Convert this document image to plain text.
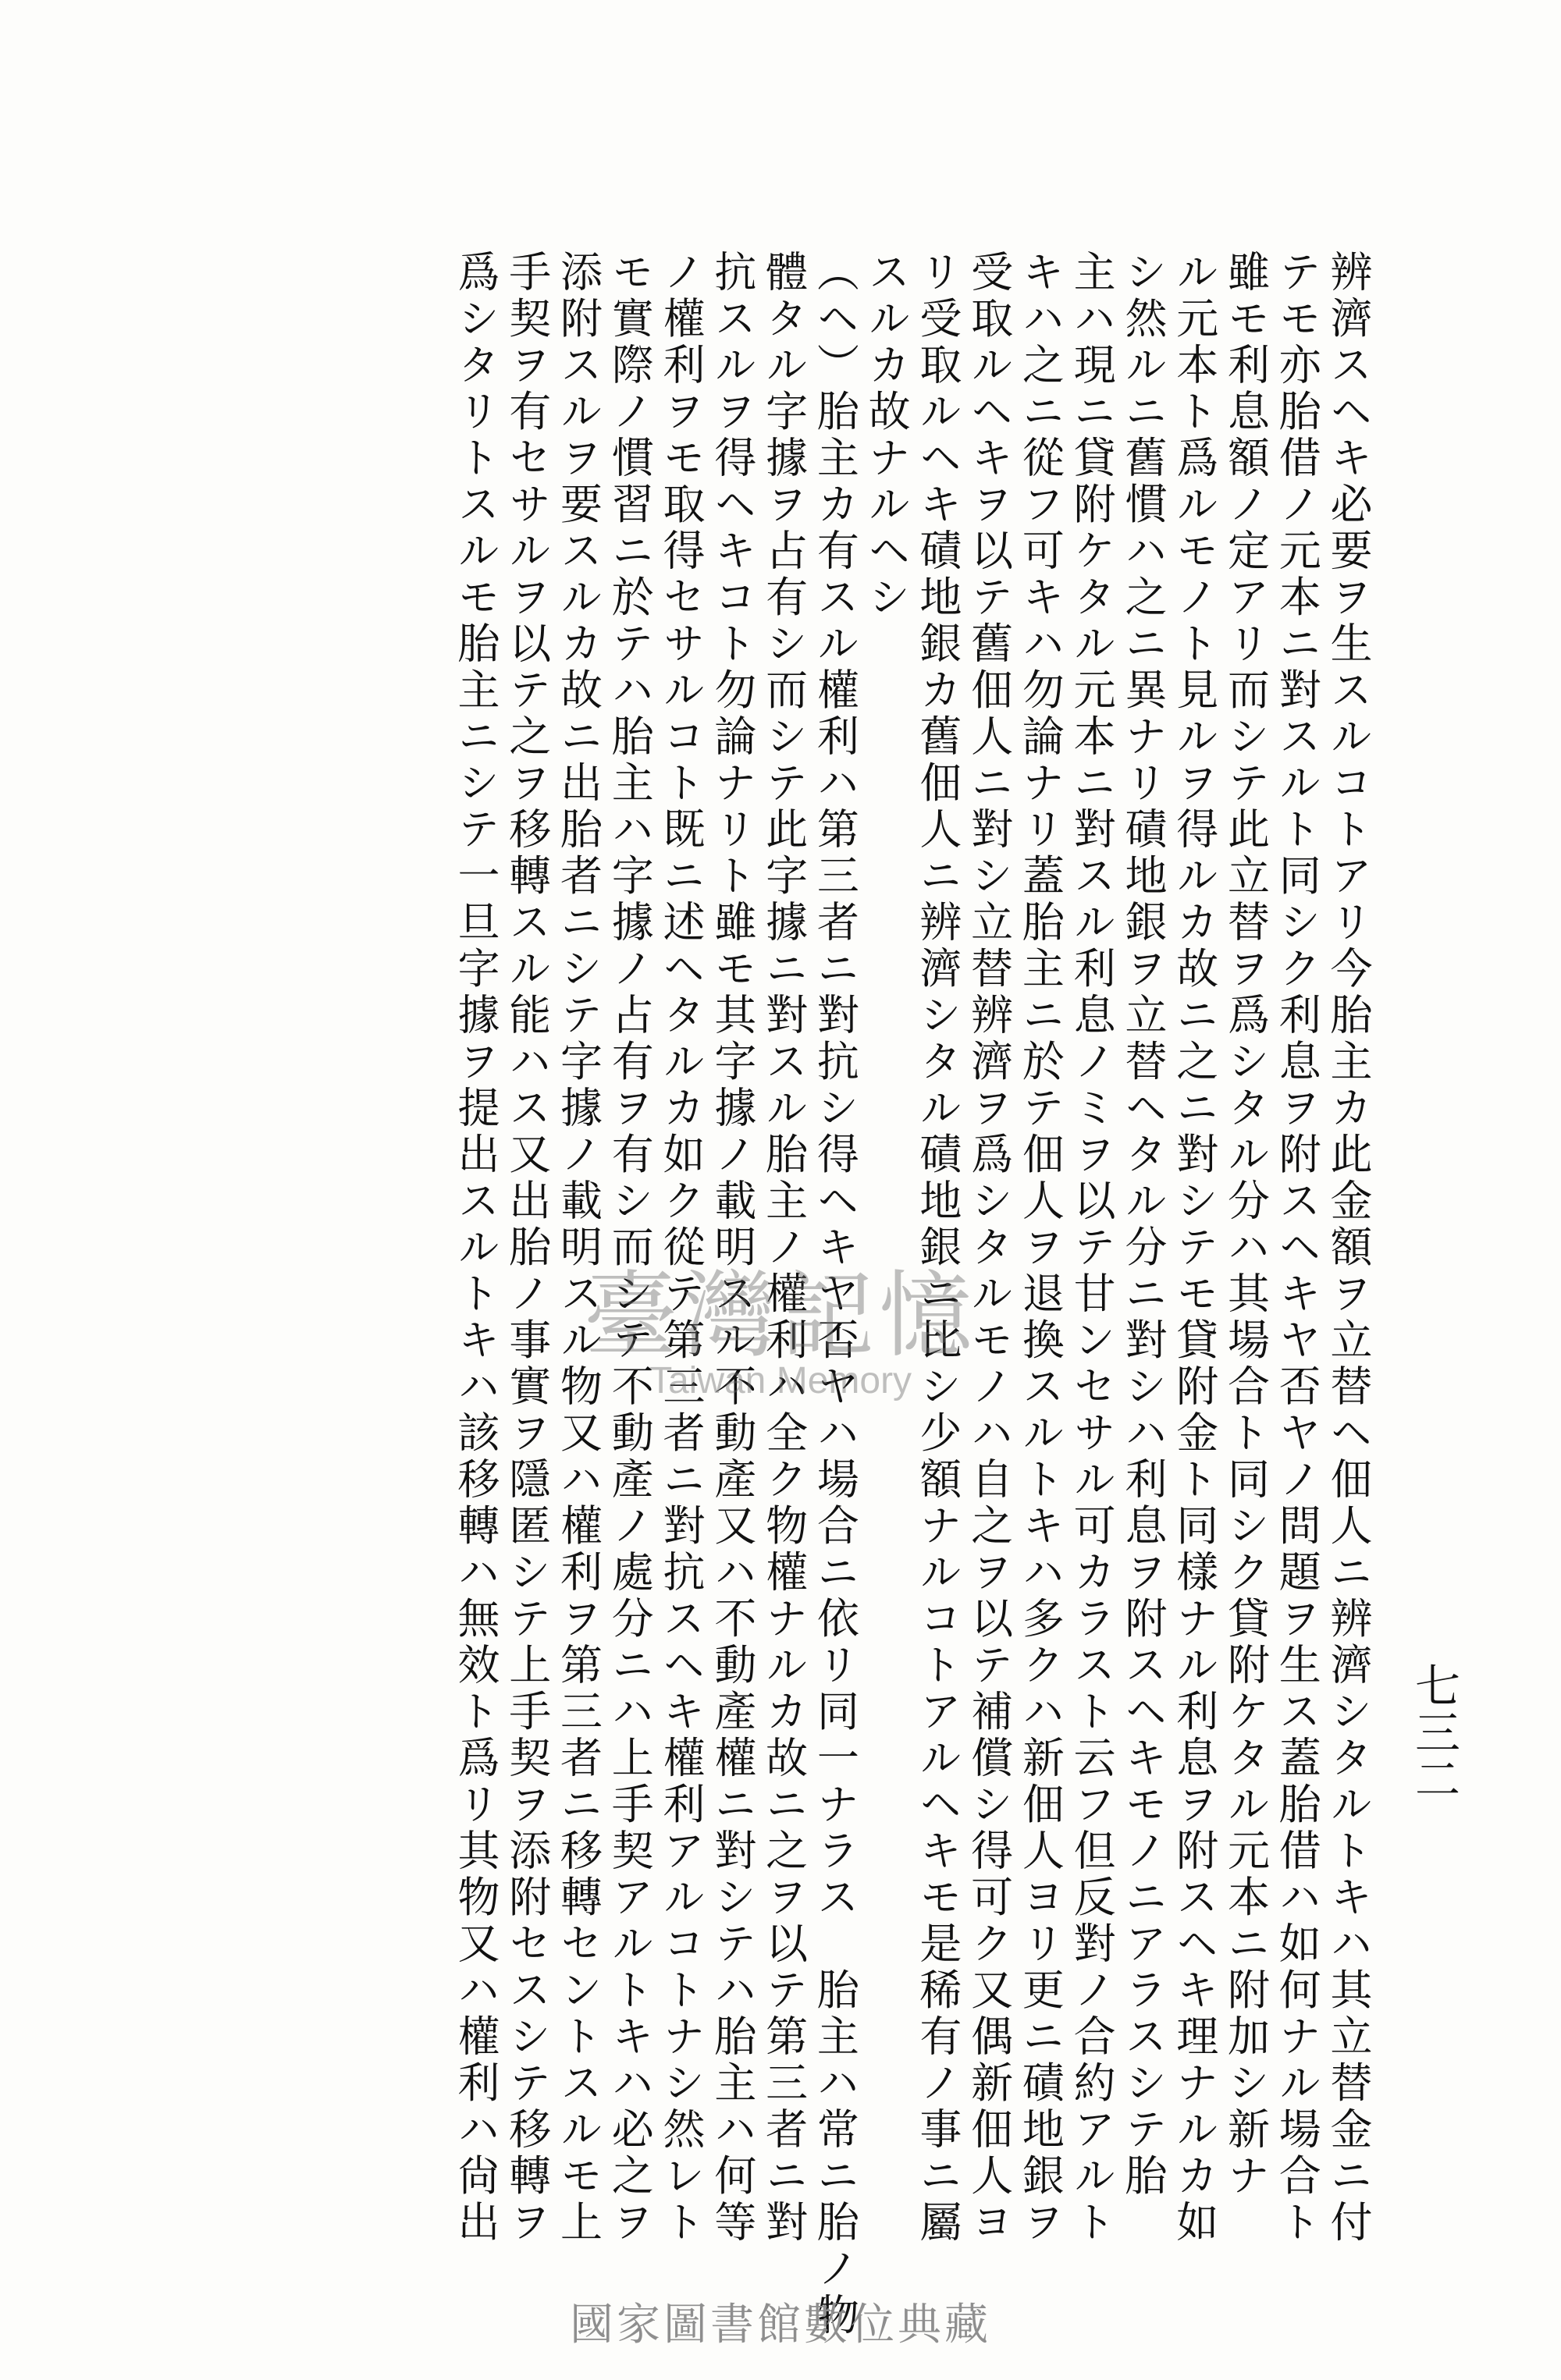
七三二
辨濟スヘキ必要ヲ生スルコトアリ今胎主カ此金額ヲ立替ヘ佃人ニ辨濟シタルトキハ其立替金ニ付
テモ亦胎借ノ元本ニ對スルト同シク利息ヲ附スヘキヤ否ヤノ問題ヲ生ス蓋胎借ハ如何ナル場合ト
雖モ利息額ノ定アリ而シテ此立替ヲ爲シタル分ハ其場合ト同シク貸附ケタル元本ニ附加シ新ナ
ル元本ト爲ルモノト見ルヲ得ルカ故ニ之ニ對シテモ貸附金ト同樣ナル利息ヲ附スヘキ理ナルカ如
シ然ルニ舊慣ハ之ニ異ナリ磧地銀ヲ立替ヘタル分ニ對シハ利息ヲ附スヘキモノニアラスシテ胎
主ハ現ニ貸附ケタル元本ニ對スル利息ノミヲ以テ甘ンセサル可カラスト云フ但反對ノ合約アルト
キハ之ニ從フ可キハ勿論ナリ蓋胎主ニ於テ佃人ヲ退換スルトキハ多クハ新佃人ヨリ更ニ磧地銀ヲ
受取ルヘキヲ以テ舊佃人ニ對シ立替辨濟ヲ爲シタルモノハ自之ヲ以テ補償シ得可ク又偶新佃人ヨ
リ受取ルヘキ磧地銀カ舊佃人ニ辨濟シタル磧地銀ニ比シ少額ナルコトアルヘキモ是稀有ノ事ニ屬
スルカ故ナルヘシ
（ヘ）胎主カ有スル權利ハ第三者ニ對抗シ得ヘキヤ否ヤハ場合ニ依リ同一ナラス　胎主ハ常ニ胎ノ物
體タル字據ヲ占有シ而シテ此字據ニ對スル胎主ノ權利ハ全ク物權ナルカ故ニ之ヲ以テ第三者ニ對
抗スルヲ得ヘキコト勿論ナリト雖モ其字據ノ載明スル不動產又ハ不動產權ニ對シテハ胎主ハ何等
ノ權利ヲモ取得セサルコト既ニ述ヘタルカ如ク從テ第三者ニ對抗スヘキ權利アルコトナシ然レト
モ實際ノ慣習ニ於テハ胎主ハ字據ノ占有ヲ有シ而シテ不動產ノ處分ニハ上手契アルトキハ必之ヲ
添附スルヲ要スルカ故ニ出胎者ニシテ字據ノ載明スル物又ハ權利ヲ第三者ニ移轉セントスルモ上
手契ヲ有セサルヲ以テ之ヲ移轉スル能ハス又出胎ノ事實ヲ隱匿シテ上手契ヲ添附セスシテ移轉ヲ
爲シタリトスルモ胎主ニシテ一旦字據ヲ提出スルトキハ該移轉ハ無效ト爲リ其物又ハ權利ハ尙出 臺灣記憶
Taiwan Memory
國家圖書館數位典藏
